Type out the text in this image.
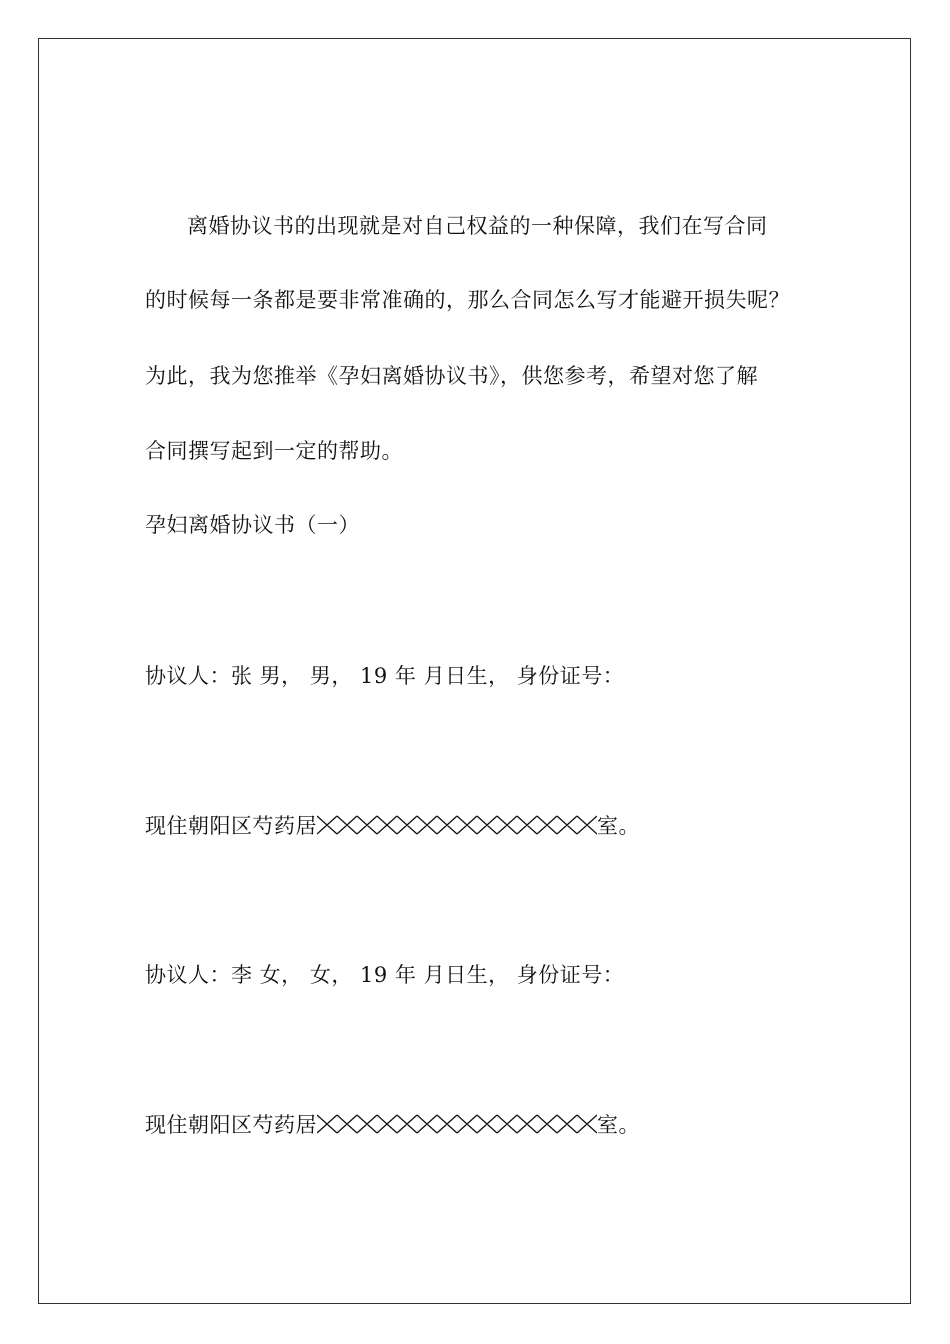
离婚协议书的出现就是对自己权益的一种保障，我们在写合同
的时候每一条都是要非常准确的，那么合同怎么写才能避开损失呢？
为此，我为您推举《孕妇离婚协议书》，供您参考，希望对您了解
合同撰写起到一定的帮助。
孕妇离婚协议书（一）
协议人：张 男， 男， 19 年 月日生， 身份证号：
现住朝阳区芍药居	室。
协议人：李 女， 女， 19 年 月日生， 身份证号：
现住朝阳区芍药居	室。
